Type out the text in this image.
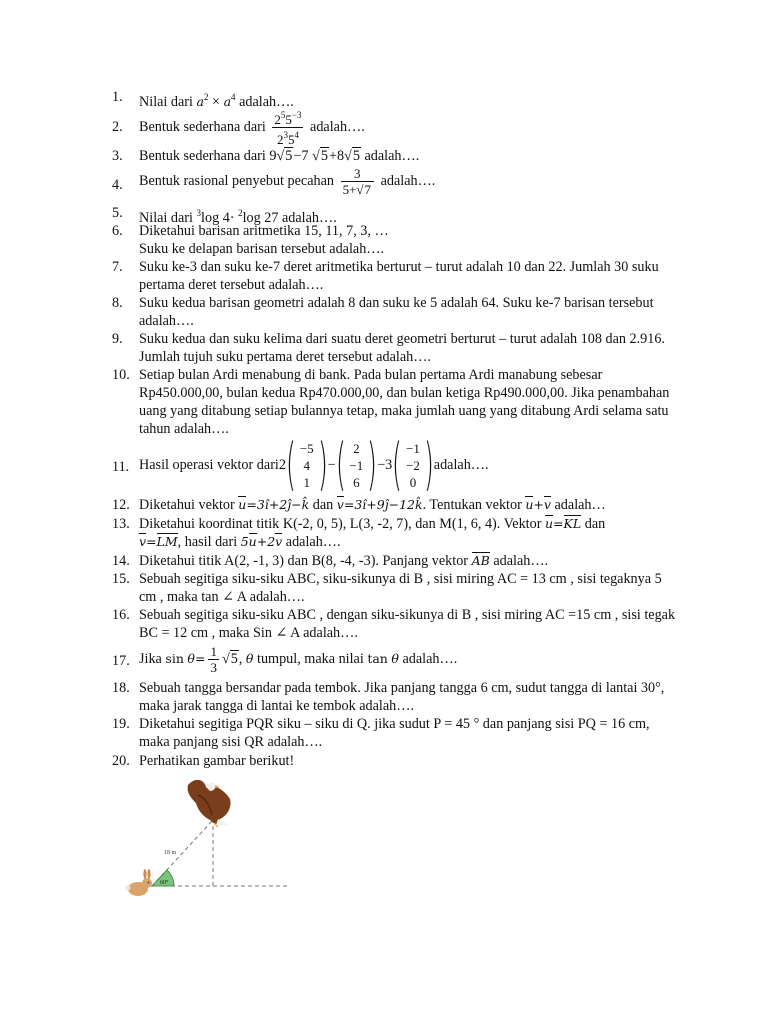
1. Nilai dari $a^2 \times a^4$ adalah….
2. Bentuk sederhana dari $\frac{2^55^{-3}}{2^35^4}$ adalah….
3. Bentuk sederhana dari 9√5−7 √5+8√5 adalah….
4. Bentuk rasional penyebut pecahan $\frac{3}{5+√7}$ adalah….
5. Nilai dari $^3$log 4· $^2$log 27 adalah….
6. Diketahui barisan aritmetika 15, 11, 7, 3, …
Suku ke delapan barisan tersebut adalah….
7. Suku ke-3 dan suku ke-7 deret aritmetika berturut – turut adalah 10 dan 22. Jumlah 30 suku pertama deret tersebut adalah….
8. Suku kedua barisan geometri adalah 8 dan suku ke 5 adalah 64. Suku ke-7 barisan tersebut adalah….
9. Suku kedua dan suku kelima dari suatu deret geometri berturut – turut adalah 108 dan 2.916. Jumlah tujuh suku pertama deret tersebut adalah….
10. Setiap bulan Ardi menabung di bank. Pada bulan pertama Ardi manabung sebesar Rp450.000,00, bulan kedua Rp470.000,00, dan bulan ketiga Rp490.000,00. Jika penambahan uang yang ditabung setiap bulannya tetap, maka jumlah uang yang ditabung Ardi selama satu tahun adalah….
11. Hasil operasi vektor dari 2 ( −5
4
1 ) − ( 2
−1
6 ) −3 ( −1
−2
0 ) adalah….
12. Diketahui vektor u=3î+2ĵ−k̂ dan v=3î+9ĵ−12k̂. Tentukan vektor u+v adalah…
13. Diketahui koordinat titik K(-2, 0, 5), L(3, -2, 7), dan M(1, 6, 4). Vektor u=KL dan
v=LM, hasil dari 5u+2v adalah….
14. Diketahui titik A(2, -1, 3) dan B(8, -4, -3). Panjang vektor AB adalah….
15. Sebuah segitiga siku-siku ABC, siku-sikunya di B , sisi miring AC = 13 cm , sisi tegaknya 5 cm , maka tan ∠ A adalah….
16. Sebuah segitiga siku-siku ABC , dengan siku-sikunya di B , sisi miring AC =15 cm , sisi tegak BC = 12 cm , maka Sin ∠ A adalah….
17. Jika $\sin \theta= \frac{1}{3} √5$, θ tumpul, maka nilai tan θ adalah….
18. Sebuah tangga bersandar pada tembok. Jika panjang tangga 6 cm, sudut tangga di lantai 30°, maka jarak tangga di lantai ke tembok adalah….
19. Diketahui segitiga PQR siku – siku di Q. jika sudut P = 45 ° dan panjang sisi PQ = 16 cm, maka panjang sisi QR adalah….
20. Perhatikan gambar berikut!
60°
18 m
